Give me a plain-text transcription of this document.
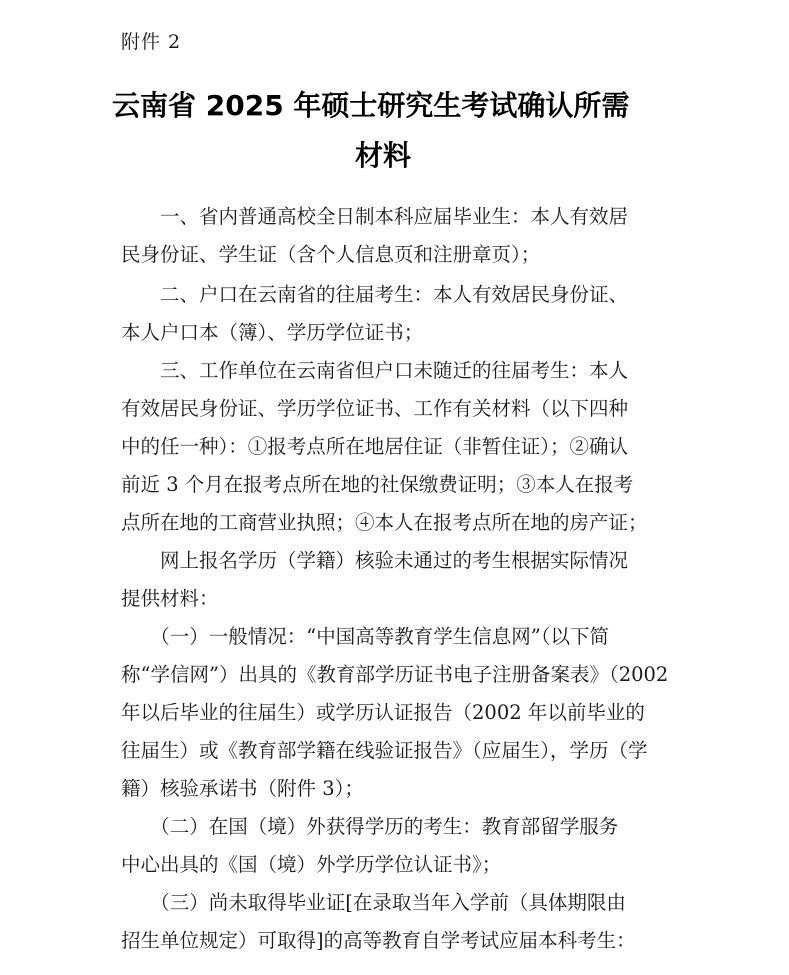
附件 2
云南省 2025 年硕士研究生考试确认所需
材料
　　一、省内普通高校全日制本科应届毕业生：本人有效居
民身份证、学生证（含个人信息页和注册章页）；
　　二、户口在云南省的往届考生：本人有效居民身份证、
本人户口本（簿）、学历学位证书；
　　三、工作单位在云南省但户口未随迁的往届考生：本人
有效居民身份证、学历学位证书、工作有关材料（以下四种
中的任一种）：①报考点所在地居住证（非暂住证）；②确认
前近 3 个月在报考点所在地的社保缴费证明；③本人在报考
点所在地的工商营业执照；④本人在报考点所在地的房产证；
　　网上报名学历（学籍）核验未通过的考生根据实际情况
提供材料：
　　（一）一般情况：“中国高等教育学生信息网”（以下简
称“学信网”）出具的《教育部学历证书电子注册备案表》（2002
年以后毕业的往届生）或学历认证报告（2002 年以前毕业的
往届生）或《教育部学籍在线验证报告》（应届生），学历（学
籍）核验承诺书（附件 3）；
　　（二）在国（境）外获得学历的考生：教育部留学服务
中心出具的《国（境）外学历学位认证书》；
　　（三）尚未取得毕业证[在录取当年入学前（具体期限由
招生单位规定）可取得]的高等教育自学考试应届本科考生：
